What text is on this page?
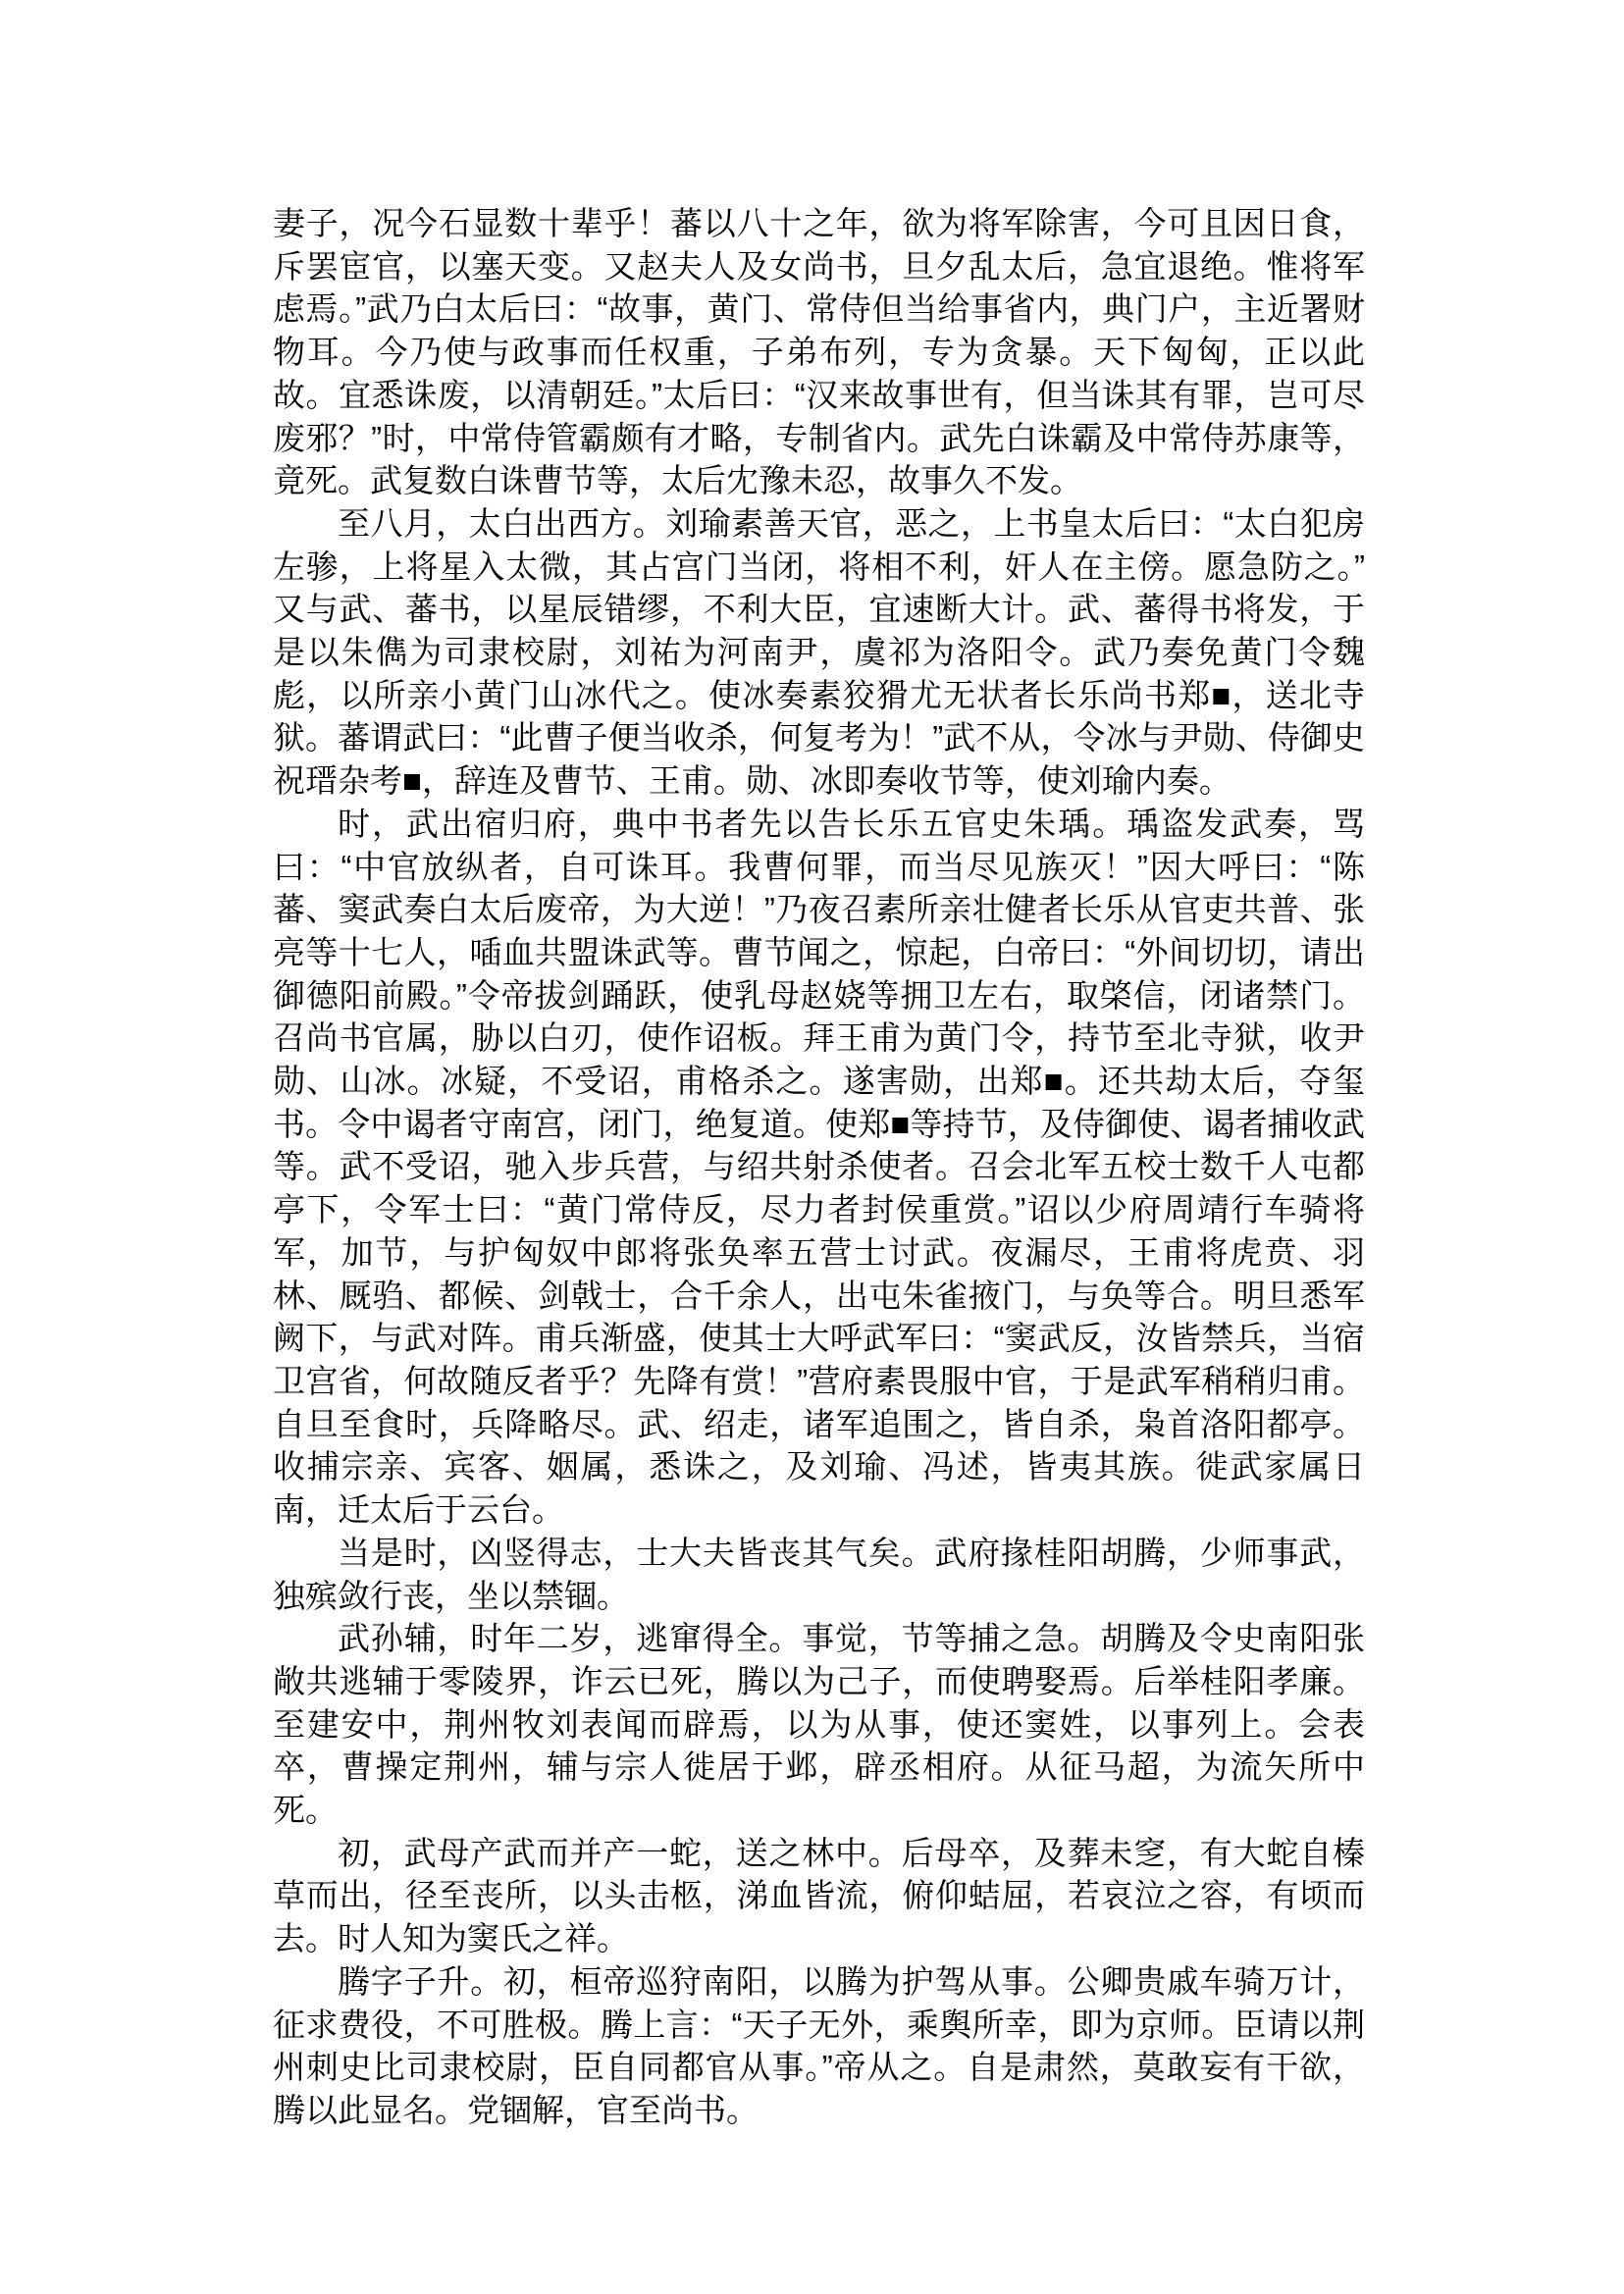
妻子，况今石显数十辈乎！蕃以八十之年，欲为将军除害，今可且因日食，斥罢宦官，以塞天变。又赵夫人及女尚书，旦夕乱太后，急宜退绝。惟将军虑焉。”武乃白太后曰：“故事，黄门、常侍但当给事省内，典门户，主近署财物耳。今乃使与政事而任权重，子弟布列，专为贪暴。天下匈匈，正以此故。宜悉诛废，以清朝廷。”太后曰：“汉来故事世有，但当诛其有罪，岂可尽废邪？”时，中常侍管霸颇有才略，专制省内。武先白诛霸及中常侍苏康等，竟死。武复数白诛曹节等，太后冘豫未忍，故事久不发。

至八月，太白出西方。刘瑜素善天官，恶之，上书皇太后曰：“太白犯房左骖，上将星入太微，其占宫门当闭，将相不利，奸人在主傍。愿急防之。”又与武、蕃书，以星辰错缪，不利大臣，宜速断大计。武、蕃得书将发，于是以朱儁为司隶校尉，刘祐为河南尹，虞祁为洛阳令。武乃奏免黄门令魏彪，以所亲小黄门山冰代之。使冰奏素狡猾尤无状者长乐尚书郑■，送北寺狱。蕃谓武曰：“此曹子便当收杀，何复考为！”武不从，令冰与尹勋、侍御史祝瑨杂考■，辞连及曹节、王甫。勋、冰即奏收节等，使刘瑜内奏。

时，武出宿归府，典中书者先以告长乐五官史朱瑀。瑀盗发武奏，骂曰：“中官放纵者，自可诛耳。我曹何罪，而当尽见族灭！”因大呼曰：“陈蕃、窦武奏白太后废帝，为大逆！”乃夜召素所亲壮健者长乐从官吏共普、张亮等十七人，喢血共盟诛武等。曹节闻之，惊起，白帝曰：“外间切切，请出御德阳前殿。”令帝拔剑踊跃，使乳母赵娆等拥卫左右，取棨信，闭诸禁门。召尚书官属，胁以白刃，使作诏板。拜王甫为黄门令，持节至北寺狱，收尹勋、山冰。冰疑，不受诏，甫格杀之。遂害勋，出郑■。还共劫太后，夺玺书。令中谒者守南宫，闭门，绝复道。使郑■等持节，及侍御使、谒者捕收武等。武不受诏，驰入步兵营，与绍共射杀使者。召会北军五校士数千人屯都亭下，令军士曰：“黄门常侍反，尽力者封侯重赏。”诏以少府周靖行车骑将军，加节，与护匈奴中郎将张奂率五营士讨武。夜漏尽，王甫将虎贲、羽林、厩驺、都候、剑戟士，合千余人，出屯朱雀掖门，与奂等合。明旦悉军阙下，与武对阵。甫兵渐盛，使其士大呼武军曰：“窦武反，汝皆禁兵，当宿卫宫省，何故随反者乎？先降有赏！”营府素畏服中官，于是武军稍稍归甫。自旦至食时，兵降略尽。武、绍走，诸军追围之，皆自杀，枭首洛阳都亭。收捕宗亲、宾客、姻属，悉诛之，及刘瑜、冯述，皆夷其族。徙武家属日南，迁太后于云台。

当是时，凶竖得志，士大夫皆丧其气矣。武府掾桂阳胡腾，少师事武，独殡敛行丧，坐以禁锢。

武孙辅，时年二岁，逃窜得全。事觉，节等捕之急。胡腾及令史南阳张敞共逃辅于零陵界，诈云已死，腾以为己子，而使聘娶焉。后举桂阳孝廉。至建安中，荆州牧刘表闻而辟焉，以为从事，使还窦姓，以事列上。会表卒，曹操定荆州，辅与宗人徙居于邺，辟丞相府。从征马超，为流矢所中死。

初，武母产武而并产一蛇，送之林中。后母卒，及葬未窆，有大蛇自榛草而出，径至丧所，以头击柩，涕血皆流，俯仰蛣屈，若哀泣之容，有顷而去。时人知为窦氏之祥。

腾字子升。初，桓帝巡狩南阳，以腾为护驾从事。公卿贵戚车骑万计，征求费役，不可胜极。腾上言：“天子无外，乘舆所幸，即为京师。臣请以荆州刺史比司隶校尉，臣自同都官从事。”帝从之。自是肃然，莫敢妄有干欲，腾以此显名。党锢解，官至尚书。
